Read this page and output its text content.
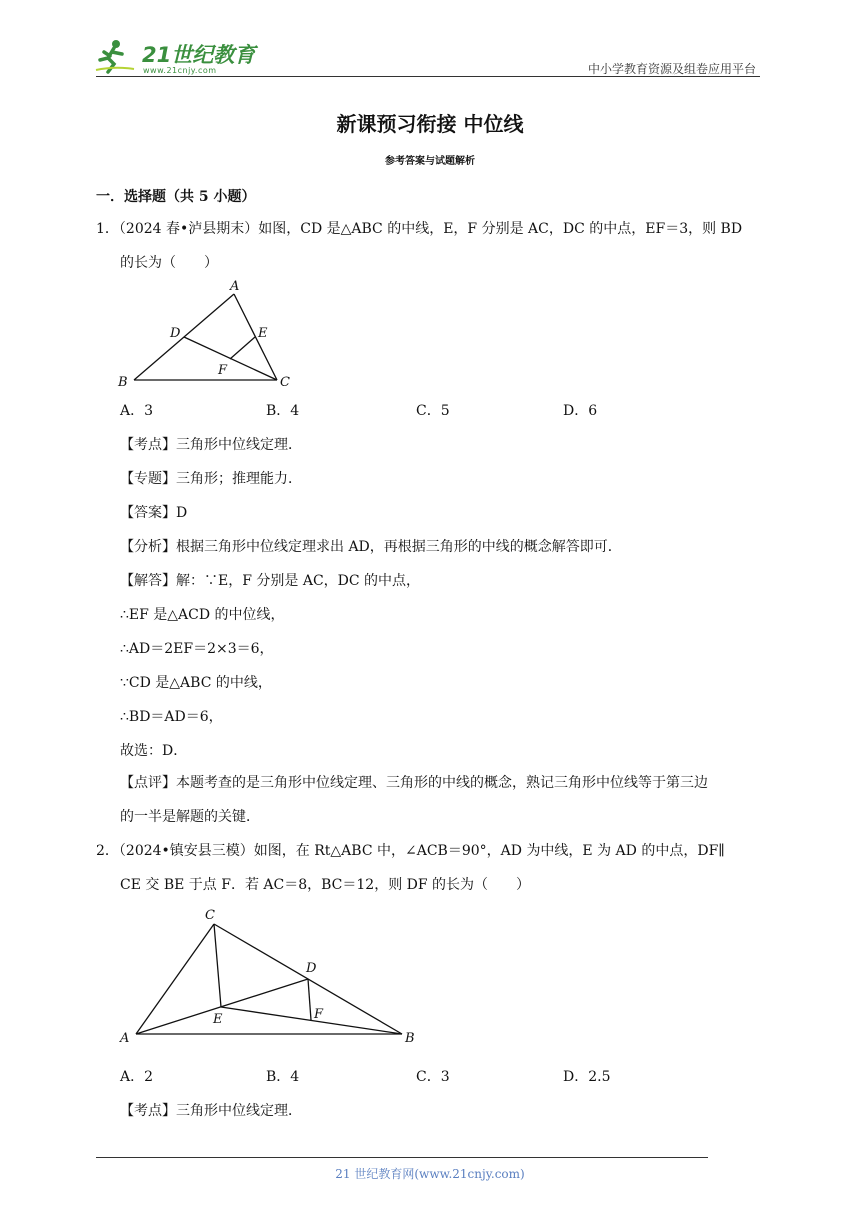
21世纪教育
www.21cnjy.com	中小学教育资源及组卷应用平台
新课预习衔接 中位线
参考答案与试题解析
一．选择题（共 5 小题）
1．（2024 春•泸县期末）如图，CD 是△ABC 的中线，E，F 分别是 AC，DC 的中点，EF＝3，则 BD
的长为（　　）
A
D	E
F
B	C
A．3	B．4	C．5	D．6
【考点】三角形中位线定理．
【专题】三角形；推理能力．
【答案】D
【分析】根据三角形中位线定理求出 AD，再根据三角形的中线的概念解答即可．
【解答】解：∵E，F 分别是 AC，DC 的中点，
∴EF 是△ACD 的中位线，
∴AD＝2EF＝2×3＝6，
∵CD 是△ABC 的中线，
∴BD＝AD＝6，
故选：D．
【点评】本题考查的是三角形中位线定理、三角形的中线的概念，熟记三角形中位线等于第三边
的一半是解题的关键．
2．（2024•镇安县三模）如图，在 Rt△ABC 中，∠ACB＝90°，AD 为中线，E 为 AD 的中点，DF∥
CE 交 BE 于点 F．若 AC＝8，BC＝12，则 DF 的长为（　　）
C
D
E	F
A	B
A．2	B．4	C．3	D．2.5
【考点】三角形中位线定理．
21 世纪教育网(www.21cnjy.com)
